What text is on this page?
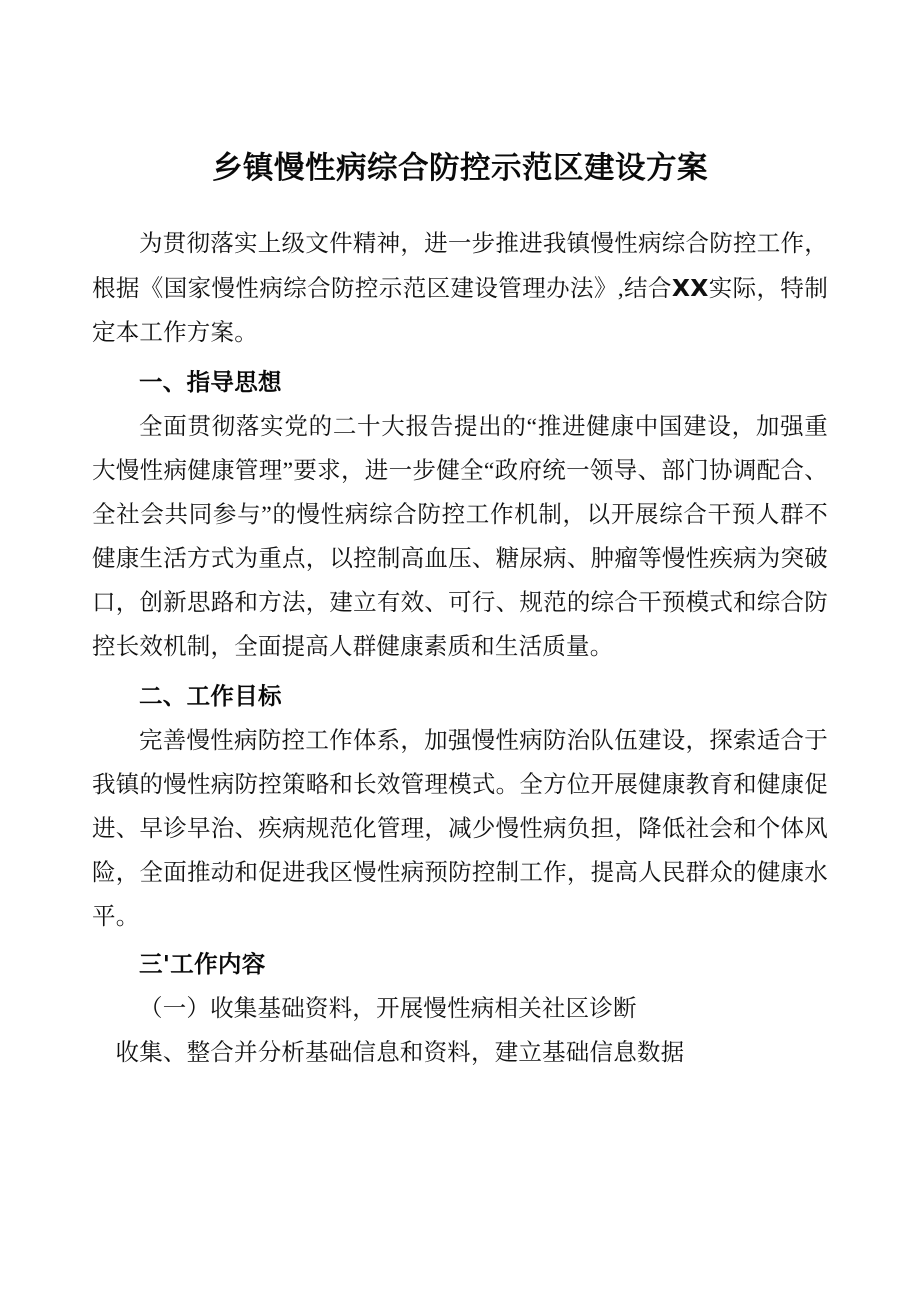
乡镇慢性病综合防控示范区建设方案

为贯彻落实上级文件精神，进一步推进我镇慢性病综合防控工作，根据《国家慢性病综合防控示范区建设管理办法》,结合XX实际，特制定本工作方案。

一、指导思想

全面贯彻落实党的二十大报告提出的“推进健康中国建设，加强重大慢性病健康管理”要求，进一步健全“政府统一领导、部门协调配合、全社会共同参与”的慢性病综合防控工作机制，以开展综合干预人群不健康生活方式为重点，以控制高血压、糖尿病、肿瘤等慢性疾病为突破口，创新思路和方法，建立有效、可行、规范的综合干预模式和综合防控长效机制，全面提高人群健康素质和生活质量。

二、工作目标

完善慢性病防控工作体系，加强慢性病防治队伍建设，探索适合于我镇的慢性病防控策略和长效管理模式。全方位开展健康教育和健康促进、早诊早治、疾病规范化管理，减少慢性病负担，降低社会和个体风险，全面推动和促进我区慢性病预防控制工作，提高人民群众的健康水平。

三'工作内容

（一）收集基础资料，开展慢性病相关社区诊断

收集、整合并分析基础信息和资料，建立基础信息数据
